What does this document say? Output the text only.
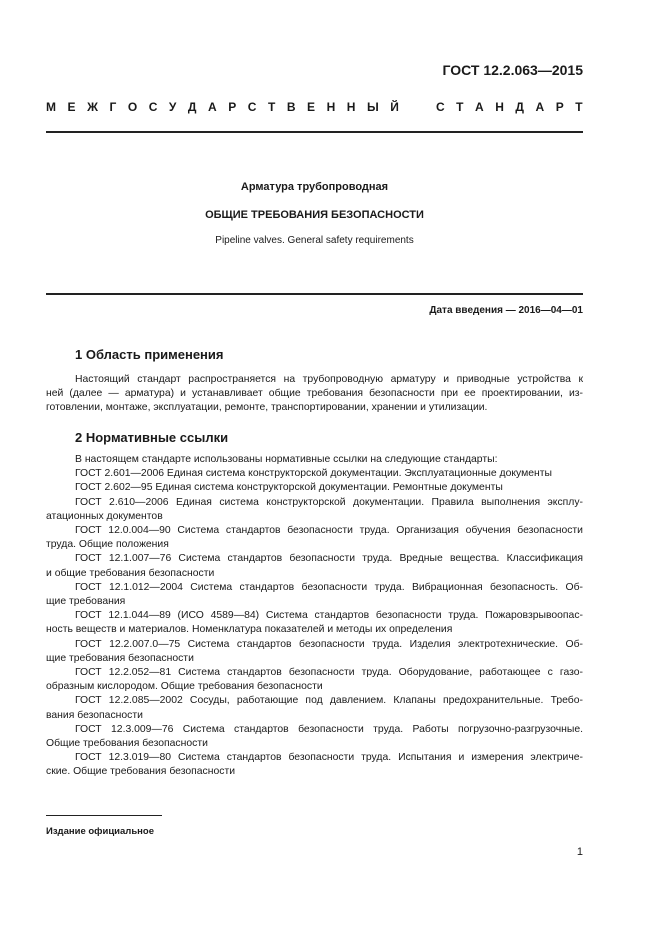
ГОСТ 12.2.063—2015
М Е Ж Г О С У Д А Р С Т В Е Н Н Ы Й	С Т А Н Д А Р Т
Арматура трубопроводная
ОБЩИЕ ТРЕБОВАНИЯ БЕЗОПАСНОСТИ
Pipeline valves. General safety requirements
Дата введения — 2016—04—01
1 Область применения
Настоящий стандарт распространяется на трубопроводную арматуру и приводные устройства к
ней (далее — арматура) и устанавливает общие требования безопасности при ее проектировании, из-
готовлении, монтаже, эксплуатации, ремонте, транспортировании, хранении и утилизации.
2 Нормативные ссылки
В настоящем стандарте использованы нормативные ссылки на следующие стандарты:
ГОСТ 2.601—2006 Единая система конструкторской документации. Эксплуатационные документы
ГОСТ 2.602—95 Единая система конструкторской документации. Ремонтные документы
ГОСТ 2.610—2006 Единая система конструкторской документации. Правила выполнения эксплу-
атационных документов
ГОСТ 12.0.004—90 Система стандартов безопасности труда. Организация обучения безопасности
труда. Общие положения
ГОСТ 12.1.007—76 Система стандартов безопасности труда. Вредные вещества. Классификация
и общие требования безопасности
ГОСТ 12.1.012—2004 Система стандартов безопасности труда. Вибрационная безопасность. Об-
щие требования
ГОСТ 12.1.044—89 (ИСО 4589—84) Система стандартов безопасности труда. Пожаровзрывоопас-
ность веществ и материалов. Номенклатура показателей и методы их определения
ГОСТ 12.2.007.0—75 Система стандартов безопасности труда. Изделия электротехнические. Об-
щие требования безопасности
ГОСТ 12.2.052—81 Система стандартов безопасности труда. Оборудование, работающее с газо-
образным кислородом. Общие требования безопасности
ГОСТ 12.2.085—2002 Сосуды, работающие под давлением. Клапаны предохранительные. Требо-
вания безопасности
ГОСТ 12.3.009—76 Система стандартов безопасности труда. Работы погрузочно-разгрузочные.
Общие требования безопасности
ГОСТ 12.3.019—80 Система стандартов безопасности труда. Испытания и измерения электриче-
ские. Общие требования безопасности
Издание официальное
1
